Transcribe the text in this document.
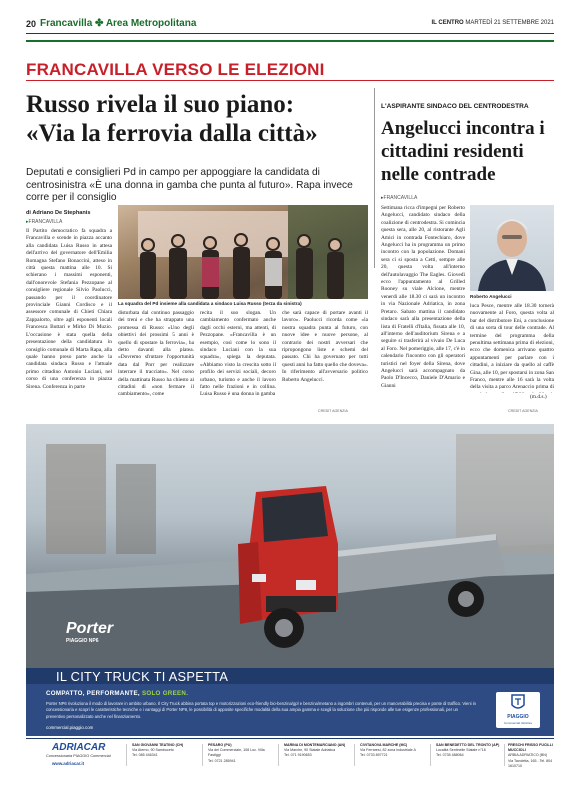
20 Francavilla ✤ Area Metropolitana	IL CENTRO MARTEDÌ 21 SETTEMBRE 2021
FRANCAVILLA VERSO LE ELEZIONI
Russo rivela il suo piano:
«Via la ferrovia dalla città»
Deputati e consiglieri Pd in campo per appoggiare la candidata di centrosinistra «È una donna in gamba che punta al futuro». Rapa invece corre per il consiglio
di Adriano De Stephanis
▸ FRANCAVILLA
Il Partito democratico fa squadra a Francavilla e scende in piazza accanto alla candidata Luisa Russo in attesa dell'arrivo del governatore dell'Emilia Romagna Stefano Bonaccini, atteso in città questa mattina alle 10. Si schierano i massimi esponenti, dall'onorevole Stefania Pezzopane al consigliere regionale Silvio Paolucci, passando per il coordinatore provinciale Gianni Cordisco e il assessore comunale di Chieti Chiara Zappalorto, oltre agli esponenti locali Francesca Buttari e Mirko Di Muzio. L'occasione è stata quella della presentazione della candidatura in consiglio comunale di Marta Rapa, alla quale hanno preso parte anche la candidata sindaca Russo e l'attuale primo cittadino Antonio Luciani, nel corso di una conferenza in piazza Sirena. Conferenza in parte
La squadra del Pd insieme alla candidata a sindaco Luisa Russo (terza da sinistra)
disturbata dal continuo passaggio dei treni e che ha strappato una promessa di Russo: «Uno degli obiettivi dei prossimi 5 anni è quello di spostare la ferrovia», ha detto davanti alla platea. «Dovremo sfruttare l'opportunità data dal Pnrr per realizzare interrare il tracciato». Nel corso della mattinata Russo ha chiesto ai cittadini di «non fermare il cambiamento», come
recita il suo slogan. Un cambiamento confermato anche dagli occhi esterni, ma attenti, di Pezzopane. «Francavilla è un esempio, così come lo sono il sindaco Luciani con la sua squadra», spiega la deputata. «Abbiamo visto la crescita sotto il profilo dei servizi sociali, decoro urbano, turismo e anche il lavoro fatto nelle frazioni e in collina. Luisa Russo è una donna in gamba
che sarà capace di portare avanti il lavoro». Paolucci ricorda come «la nostra squadra punta al futuro, con nuove idee e nuove persone, al contrario dei nostri avversari che ripropongono liste e schemi del passato. Chi ha governato per tutti questi anni ha fatto quello che doveva». In riferimento all'avversario politico Roberto Angelucci.
CREDIT AGENZIA
L'ASPIRANTE SINDACO DEL CENTRODESTRA
Angelucci incontra i cittadini residenti nelle contrade
▸ FRANCAVILLA
Settimana ricca d'impegni per Roberto Angelucci, candidato sindaco della coalizione di centrodestra. Si comincia questa sera, alle 20, al ristorante Agli Amici in contrada Fontechiaro, dove Angelucci ha in programma un primo incontro con la popolazione. Domani sera ci si sposta a Cetti, sempre alle 20, questa volta all'interno dell'autolavaggio The Eagles. Giovedì ecco l'appuntamento al Grilled Rooney su viale Alcione, mentre venerdì alle 18.30 ci sarà un incontro in via Nazionale Adriatica, in zona Pretaro. Sabato mattina il candidato sindaco sarà alla presentazione della lista di Fratelli d'Italia, fissata alle 10, all'interno dell'auditorium Sirena e a seguire si trasferirà al vivaio De Luca al Foro. Nel pomeriggio, alle 17, c'è in calendario l'incontro con gli operatori turistici nel foyer della Sirena, dove Angelucci sarà accompagnato da Paolo D'Incecco, Daniele D'Amario e Gianni
Roberto Angelucci
luca Pesce, mentre alle 18.30 tornerà nuovamente al Foro, questa volta al bar del distributore Eni, a conclusione di una sorta di tour delle contrade. Al termine del programma della penultima settimana prima di elezioni, ecco che domenica arrivano quattro appuntamenti per parlare con i cittadini, a iniziare da quello al caffè Gina, alle 10, per spostarsi in zona San Franco, mentre alle 16 sarà la volta della visita a parco Arenaccio prima di
(m.d.s.)
CREDIT AGENZIA
Porter
PIAGGIO NP6
IL CITY TRUCK TI ASPETTA
COMPATTO, PERFORMANTE, SOLO GREEN.
Porter NP6 rivoluziona il modo di lavorare in ambito urbano. Il City Truck abbina portata top e motorizzazioni eco-friendly bio-benzina/gpl e benzina/metano a ingombri contenuti, per un manovrabilità precisa e ponte di traffico. Vieni in concessionaria e scopri le caratteristiche tecniche e i vantaggi di Porter NP6, le possibilità di apposite specifiche modalità della sua ampia gamma e scegli la soluzione che più risponde alle tue esigenze professionali, per un preventivo personalizzato anche nel finanziamento.
commercial.piaggio.com
PIAGGIO
Commercial Vehicles
ADRIACAR
Concessionaria PIAGGIO Commercial
www.adriacar.it
SAN GIOVANNI TEATINO (CH)
Via Aterno, 90 Sambuceto
Tel. 085 446341
PESARO (PU)
Via del Commerciale, 108 Loc. Villa Fastiggi
Tel. 0721 285941
MARINA DI MONTEMARCIANO (AN)
Via Marche, 90 Statale Adriatica
Tel. 071 9190653
CIVITANOVA MARCHE (MC)
Via Ferraresi, 82 zona industriale A
Tel. 0733 897721
SAN BENEDETTO DEL TRONTO (AP)
Località Sentinelle Statale n°16
Tel. 0735 488064
FRESCHI FRISSO FUCILLI MUCCIOLI
ARBIA ADRIATICO (BN)
Via Tavoletta, 165 - Tel. 804 1610710
